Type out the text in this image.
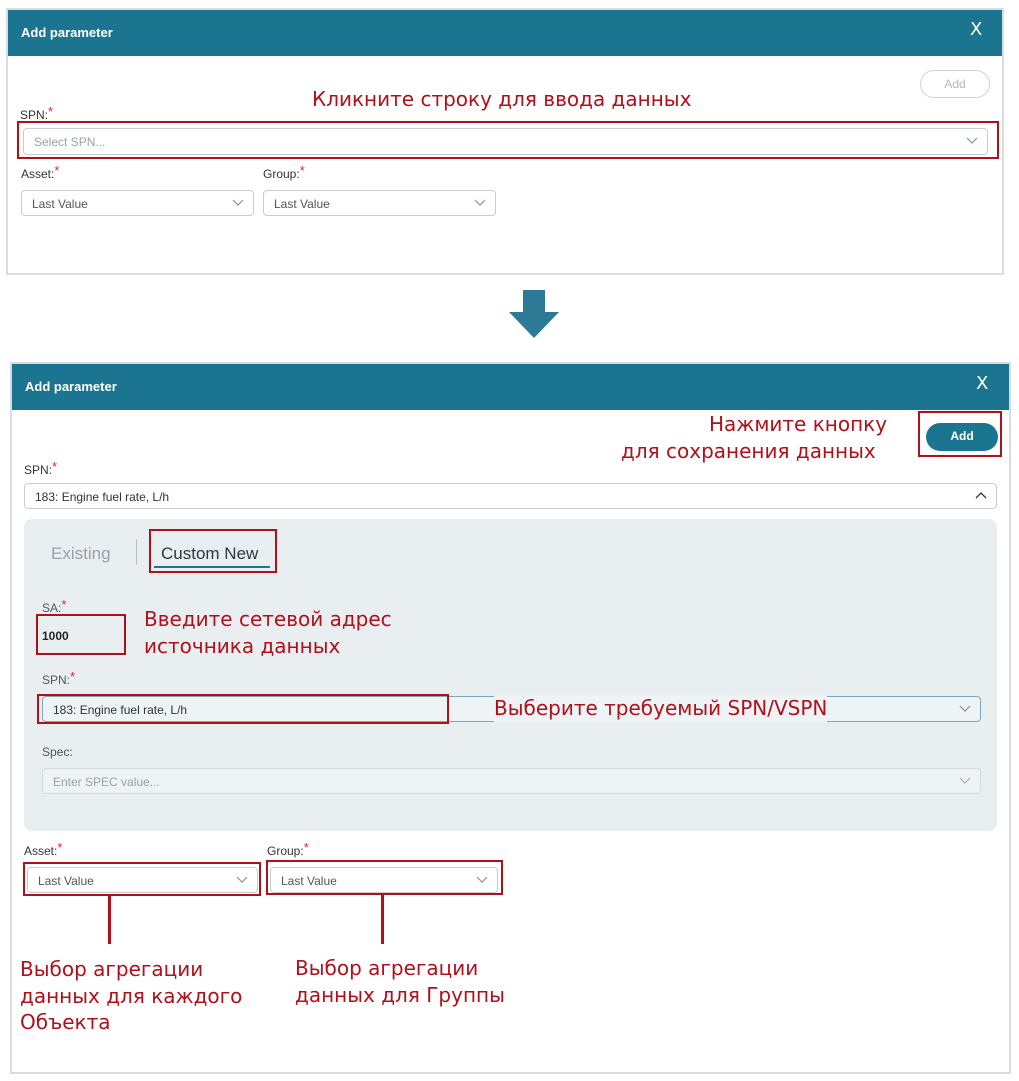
Add parameter	X
Add
Кликните строку для ввода данных
SPN:*
Select SPN...
Asset:*
Last Value
Group:*
Last Value
Add parameter	X
Нажмите кнопку
для сохранения данных
Add
SPN:*
183: Engine fuel rate, L/h
Existing	Custom New
SA:*
1000
Введите сетевой адрес
источника данных
SPN:*
183: Engine fuel rate, L/h	Выберите требуемый SPN/VSPN
Spec:
Enter SPEC value...
Asset:*
Last Value
Group:*
Last Value
Выбор агрегации
данных для каждого
Объекта
Выбор агрегации
данных для Группы
